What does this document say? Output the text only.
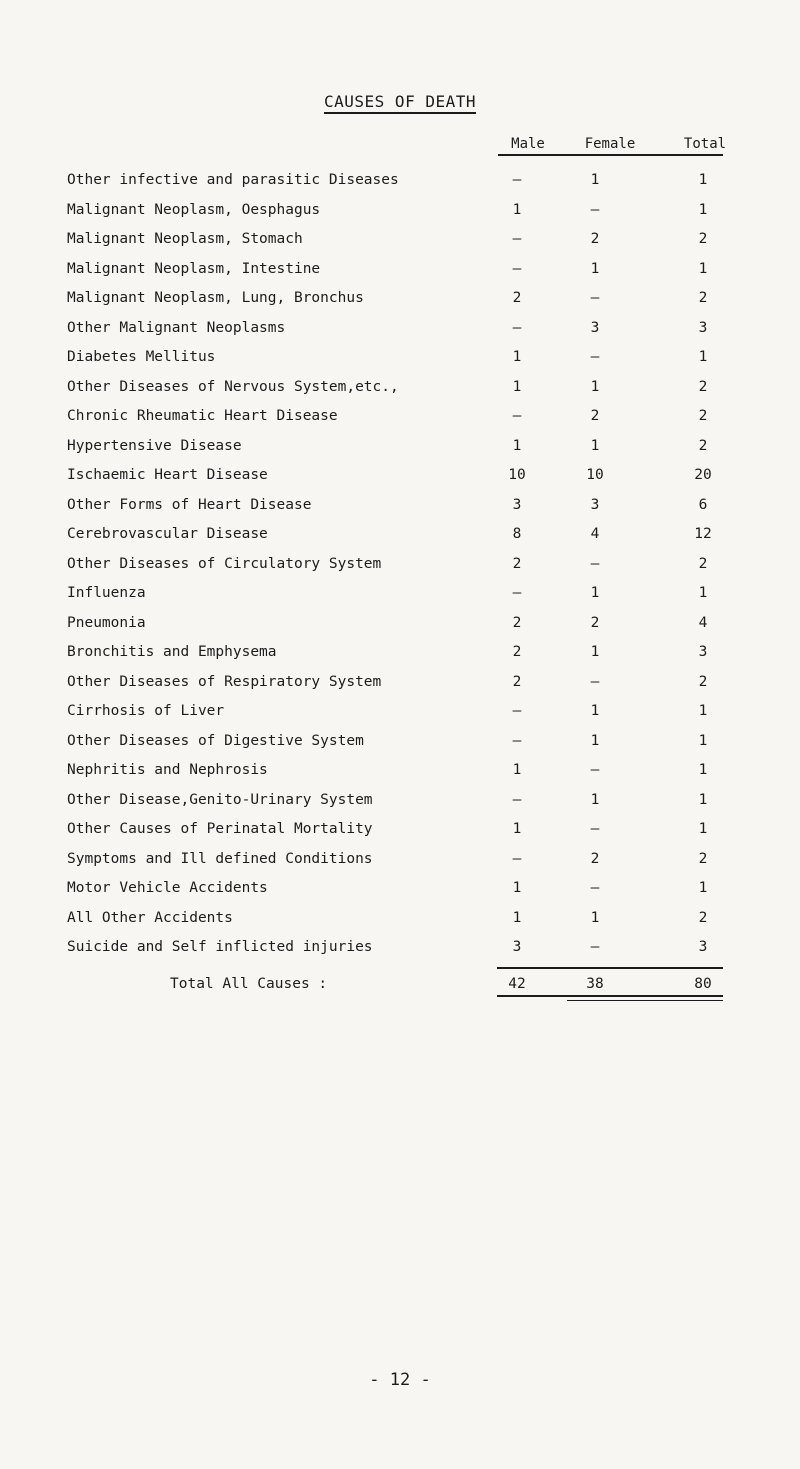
CAUSES OF DEATH
Male	Female	Total
Other infective and parasitic Diseases	–	1	1
Malignant Neoplasm, Oesphagus	1	–	1
Malignant Neoplasm, Stomach	–	2	2
Malignant Neoplasm, Intestine	–	1	1
Malignant Neoplasm, Lung, Bronchus	2	–	2
Other Malignant Neoplasms	–	3	3
Diabetes Mellitus	1	–	1
Other Diseases of Nervous System,etc.,	1	1	2
Chronic Rheumatic Heart Disease	–	2	2
Hypertensive Disease	1	1	2
Ischaemic Heart Disease	10	10	20
Other Forms of Heart Disease	3	3	6
Cerebrovascular Disease	8	4	12
Other Diseases of Circulatory System	2	–	2
Influenza	–	1	1
Pneumonia	2	2	4
Bronchitis and Emphysema	2	1	3
Other Diseases of Respiratory System	2	–	2
Cirrhosis of Liver	–	1	1
Other Diseases of Digestive System	–	1	1
Nephritis and Nephrosis	1	–	1
Other Disease,Genito-Urinary System	–	1	1
Other Causes of Perinatal Mortality	1	–	1
Symptoms and Ill defined Conditions	–	2	2
Motor Vehicle Accidents	1	–	1
All Other Accidents	1	1	2
Suicide and Self inflicted injuries	3	–	3
Total All Causes :	42	38	80
- 12 -
